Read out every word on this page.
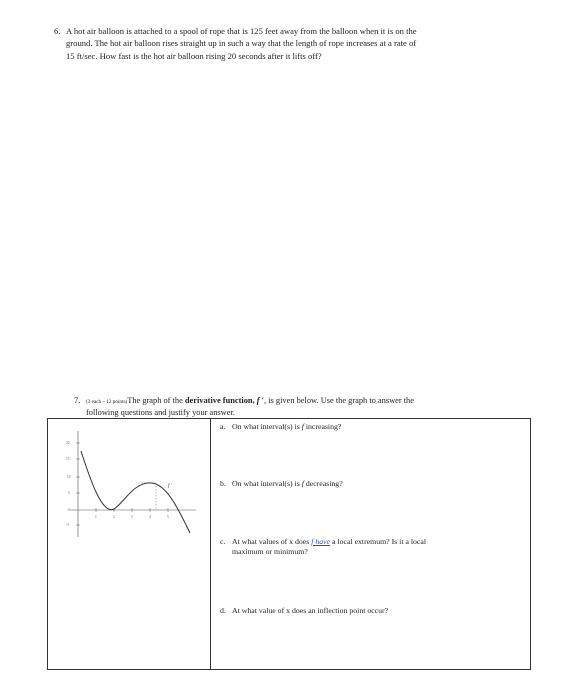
6. A hot air balloon is attached to a spool of rope that is 125 feet away from the balloon when it is on the
ground. The hot air balloon rises straight up in such a way that the length of rope increases at a rate of
15 ft/sec. How fast is the hot air balloon rising 20 seconds after it lifts off?
7. (3 each – 12 points)The graph of the derivative function, f ′, is given below. Use the graph to answer the
following questions and justify your answer.
20
15
10
5
0
-5
1	2	3	4	5
f ′
a. On what interval(s) is f increasing?
b. On what interval(s) is f decreasing?
c. At what values of x does f have a local extremum? Is it a local
maximum or minimum?
d. At what value of x does an inflection point occur?
